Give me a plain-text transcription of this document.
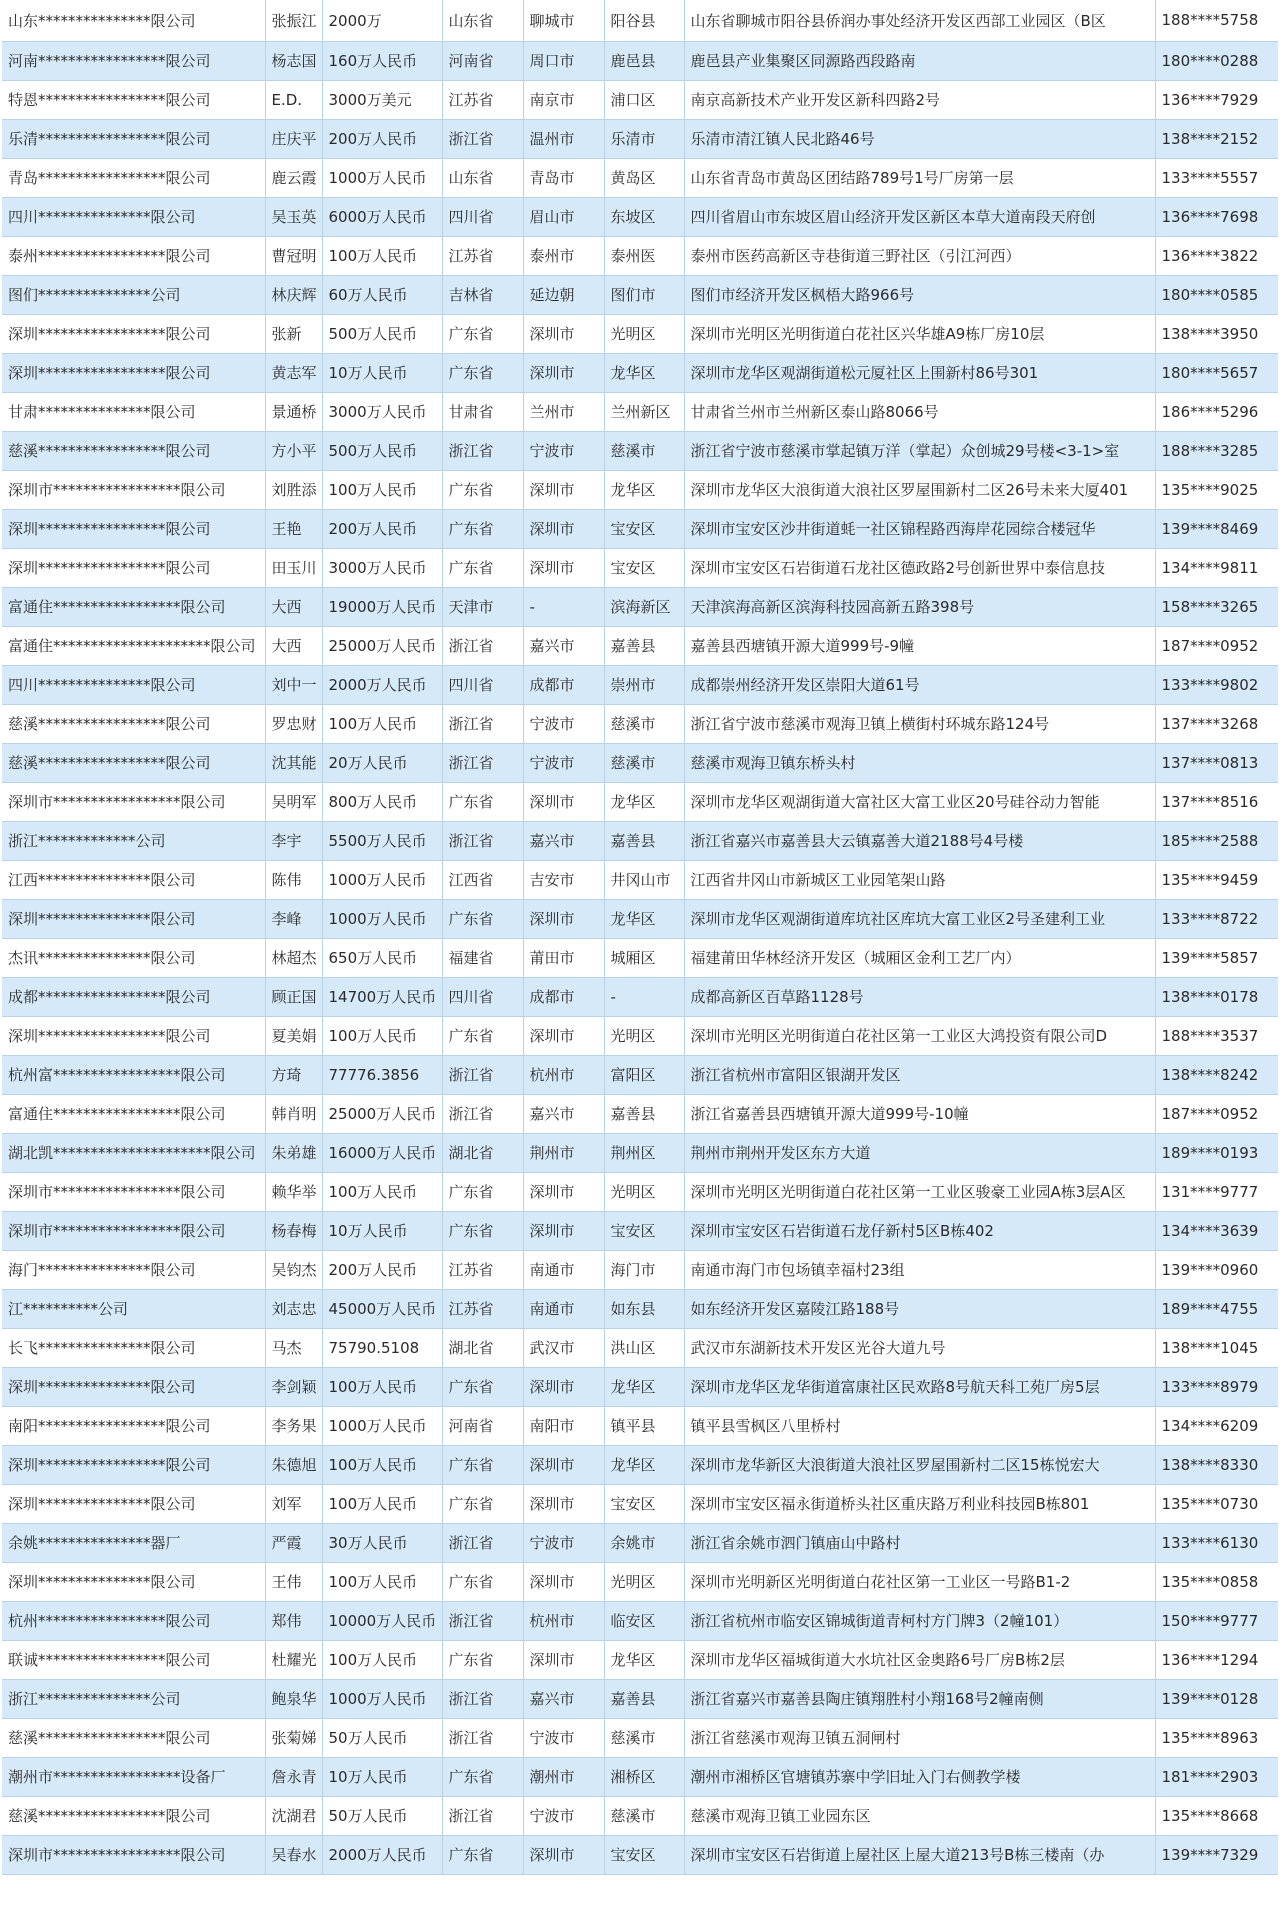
山东***************限公司	张振江	2000万	山东省	聊城市	阳谷县	山东省聊城市阳谷县侨润办事处经济开发区西部工业园区（B区	188****5758
河南*****************限公司	杨志国	160万人民币	河南省	周口市	鹿邑县	鹿邑县产业集聚区同源路西段路南	180****0288
特恩*****************限公司	E.D.	3000万美元	江苏省	南京市	浦口区	南京高新技术产业开发区新科四路2号	136****7929
乐清*****************限公司	庄庆平	200万人民币	浙江省	温州市	乐清市	乐清市清江镇人民北路46号	138****2152
青岛*****************限公司	鹿云霞	1000万人民币	山东省	青岛市	黄岛区	山东省青岛市黄岛区团结路789号1号厂房第一层	133****5557
四川***************限公司	吴玉英	6000万人民币	四川省	眉山市	东坡区	四川省眉山市东坡区眉山经济开发区新区本草大道南段天府创	136****7698
泰州*****************限公司	曹冠明	100万人民币	江苏省	泰州市	泰州医	泰州市医药高新区寺巷街道三野社区（引江河西）	136****3822
图们***************公司	林庆辉	60万人民币	吉林省	延边朝	图们市	图们市经济开发区枫梧大路966号	180****0585
深圳*****************限公司	张新	500万人民币	广东省	深圳市	光明区	深圳市光明区光明街道白花社区兴华雄A9栋厂房10层	138****3950
深圳*****************限公司	黄志军	10万人民币	广东省	深圳市	龙华区	深圳市龙华区观湖街道松元厦社区上围新村86号301	180****5657
甘肃***************限公司	景通桥	3000万人民币	甘肃省	兰州市	兰州新区	甘肃省兰州市兰州新区泰山路8066号	186****5296
慈溪*****************限公司	方小平	500万人民币	浙江省	宁波市	慈溪市	浙江省宁波市慈溪市掌起镇万洋（掌起）众创城29号楼<3-1>室	188****3285
深圳市*****************限公司	刘胜添	100万人民币	广东省	深圳市	龙华区	深圳市龙华区大浪街道大浪社区罗屋围新村二区26号未来大厦401	135****9025
深圳*****************限公司	王艳	200万人民币	广东省	深圳市	宝安区	深圳市宝安区沙井街道蚝一社区锦程路西海岸花园综合楼冠华	139****8469
深圳*****************限公司	田玉川	3000万人民币	广东省	深圳市	宝安区	深圳市宝安区石岩街道石龙社区德政路2号创新世界中泰信息技	134****9811
富通住*****************限公司	大西	19000万人民币	天津市	-	滨海新区	天津滨海高新区滨海科技园高新五路398号	158****3265
富通住*********************限公司	大西	25000万人民币	浙江省	嘉兴市	嘉善县	嘉善县西塘镇开源大道999号-9幢	187****0952
四川***************限公司	刘中一	2000万人民币	四川省	成都市	崇州市	成都崇州经济开发区崇阳大道61号	133****9802
慈溪*****************限公司	罗忠财	100万人民币	浙江省	宁波市	慈溪市	浙江省宁波市慈溪市观海卫镇上横街村环城东路124号	137****3268
慈溪*****************限公司	沈其能	20万人民币	浙江省	宁波市	慈溪市	慈溪市观海卫镇东桥头村	137****0813
深圳市*****************限公司	吴明军	800万人民币	广东省	深圳市	龙华区	深圳市龙华区观湖街道大富社区大富工业区20号硅谷动力智能	137****8516
浙江*************公司	李宇	5500万人民币	浙江省	嘉兴市	嘉善县	浙江省嘉兴市嘉善县大云镇嘉善大道2188号4号楼	185****2588
江西***************限公司	陈伟	1000万人民币	江西省	吉安市	井冈山市	江西省井冈山市新城区工业园笔架山路	135****9459
深圳***************限公司	李峰	1000万人民币	广东省	深圳市	龙华区	深圳市龙华区观湖街道库坑社区库坑大富工业区2号圣建利工业	133****8722
杰讯***************限公司	林超杰	650万人民币	福建省	莆田市	城厢区	福建莆田华林经济开发区（城厢区金利工艺厂内）	139****5857
成都*****************限公司	顾正国	14700万人民币	四川省	成都市	-	成都高新区百草路1128号	138****0178
深圳*****************限公司	夏美娟	100万人民币	广东省	深圳市	光明区	深圳市光明区光明街道白花社区第一工业区大鸿投资有限公司D	188****3537
杭州富*****************限公司	方琦	77776.3856	浙江省	杭州市	富阳区	浙江省杭州市富阳区银湖开发区	138****8242
富通住*****************限公司	韩肖明	25000万人民币	浙江省	嘉兴市	嘉善县	浙江省嘉善县西塘镇开源大道999号-10幢	187****0952
湖北凯*********************限公司	朱弟雄	16000万人民币	湖北省	荆州市	荆州区	荆州市荆州开发区东方大道	189****0193
深圳市*****************限公司	赖华举	100万人民币	广东省	深圳市	光明区	深圳市光明区光明街道白花社区第一工业区骏豪工业园A栋3层A区	131****9777
深圳市*****************限公司	杨春梅	10万人民币	广东省	深圳市	宝安区	深圳市宝安区石岩街道石龙仔新村5区B栋402	134****3639
海门***************限公司	吴钧杰	200万人民币	江苏省	南通市	海门市	南通市海门市包场镇幸福村23组	139****0960
江**********公司	刘志忠	45000万人民币	江苏省	南通市	如东县	如东经济开发区嘉陵江路188号	189****4755
长飞***************限公司	马杰	75790.5108	湖北省	武汉市	洪山区	武汉市东湖新技术开发区光谷大道九号	138****1045
深圳***************限公司	李剑颖	100万人民币	广东省	深圳市	龙华区	深圳市龙华区龙华街道富康社区民欢路8号航天科工苑厂房5层	133****8979
南阳*****************限公司	李务果	1000万人民币	河南省	南阳市	镇平县	镇平县雪枫区八里桥村	134****6209
深圳*****************限公司	朱德旭	100万人民币	广东省	深圳市	龙华区	深圳市龙华新区大浪街道大浪社区罗屋围新村二区15栋悦宏大	138****8330
深圳***************限公司	刘军	100万人民币	广东省	深圳市	宝安区	深圳市宝安区福永街道桥头社区重庆路万利业科技园B栋801	135****0730
余姚***************器厂	严霞	30万人民币	浙江省	宁波市	余姚市	浙江省余姚市泗门镇庙山中路村	133****6130
深圳***************限公司	王伟	100万人民币	广东省	深圳市	光明区	深圳市光明新区光明街道白花社区第一工业区一号路B1-2	135****0858
杭州*****************限公司	郑伟	10000万人民币	浙江省	杭州市	临安区	浙江省杭州市临安区锦城街道青柯村方门牌3（2幢101）	150****9777
联诚*****************限公司	杜耀光	100万人民币	广东省	深圳市	龙华区	深圳市龙华区福城街道大水坑社区金奥路6号厂房B栋2层	136****1294
浙江***************公司	鲍泉华	1000万人民币	浙江省	嘉兴市	嘉善县	浙江省嘉兴市嘉善县陶庄镇翔胜村小翔168号2幢南侧	139****0128
慈溪*****************限公司	张菊娣	50万人民币	浙江省	宁波市	慈溪市	浙江省慈溪市观海卫镇五洞闸村	135****8963
潮州市*****************设备厂	詹永青	10万人民币	广东省	潮州市	湘桥区	潮州市湘桥区官塘镇苏寨中学旧址入门右侧教学楼	181****2903
慈溪*****************限公司	沈湖君	50万人民币	浙江省	宁波市	慈溪市	慈溪市观海卫镇工业园东区	135****8668
深圳市*****************限公司	吴春水	2000万人民币	广东省	深圳市	宝安区	深圳市宝安区石岩街道上屋社区上屋大道213号B栋三楼南（办	139****7329
